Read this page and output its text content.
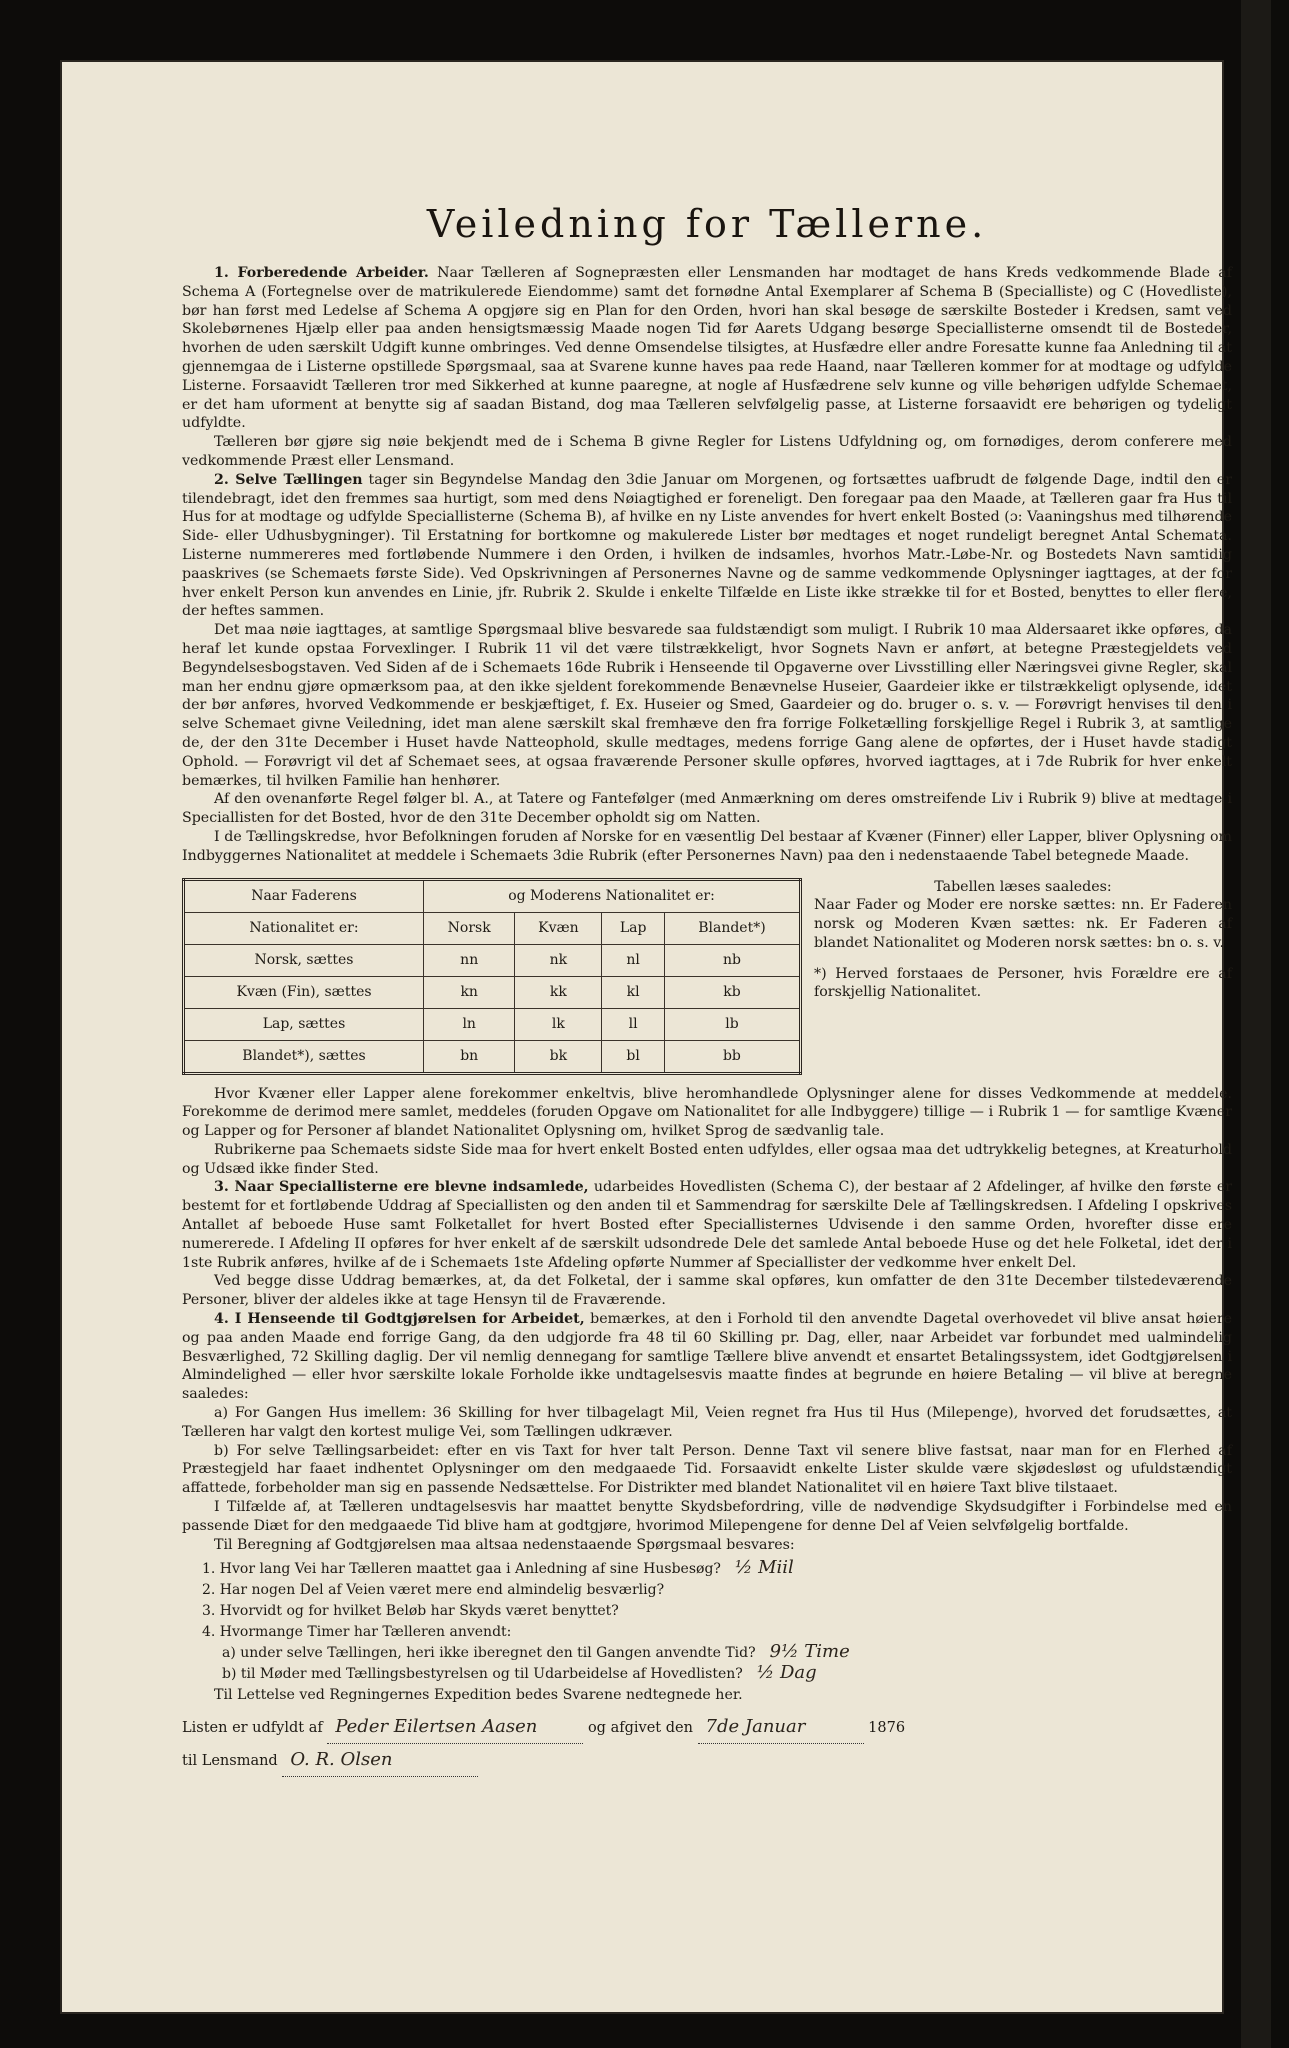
Veiledning for Tællerne.

1. Forberedende Arbeider. Naar Tælleren af Sognepræsten eller Lensmanden har modtaget de hans Kreds vedkommende Blade af Schema A (Fortegnelse over de matrikulerede Eiendomme) samt det fornødne Antal Exemplarer af Schema B (Specialliste) og C (Hovedliste), bør han først med Ledelse af Schema A opgjøre sig en Plan for den Orden, hvori han skal besøge de særskilte Bosteder i Kredsen, samt ved Skolebørnenes Hjælp eller paa anden hensigtsmæssig Maade nogen Tid før Aarets Udgang besørge Speciallisterne omsendt til de Bosteder, hvorhen de uden særskilt Udgift kunne ombringes. Ved denne Omsendelse tilsigtes, at Husfædre eller andre Foresatte kunne faa Anledning til at gjennemgaa de i Listerne opstillede Spørgsmaal, saa at Svarene kunne haves paa rede Haand, naar Tælleren kommer for at modtage og udfylde Listerne. Forsaavidt Tælleren tror med Sikkerhed at kunne paaregne, at nogle af Husfædrene selv kunne og ville behørigen udfylde Schemaet, er det ham uforment at benytte sig af saadan Bistand, dog maa Tælleren selvfølgelig passe, at Listerne forsaavidt ere behørigen og tydeligt udfyldte.

Tælleren bør gjøre sig nøie bekjendt med de i Schema B givne Regler for Listens Udfyldning og, om fornødiges, derom conferere med vedkommende Præst eller Lensmand.

2. Selve Tællingen tager sin Begyndelse Mandag den 3die Januar om Morgenen, og fortsættes uafbrudt de følgende Dage, indtil den er tilendebragt, idet den fremmes saa hurtigt, som med dens Nøiagtighed er foreneligt. Den foregaar paa den Maade, at Tælleren gaar fra Hus til Hus for at modtage og udfylde Speciallisterne (Schema B), af hvilke en ny Liste anvendes for hvert enkelt Bosted (ɔ: Vaaningshus med tilhørende Side- eller Udhusbygninger). Til Erstatning for bortkomne og makulerede Lister bør medtages et noget rundeligt beregnet Antal Schemata. Listerne nummereres med fortløbende Nummere i den Orden, i hvilken de indsamles, hvorhos Matr.-Løbe-Nr. og Bostedets Navn samtidig paaskrives (se Schemaets første Side). Ved Opskrivningen af Personernes Navne og de samme vedkommende Oplysninger iagttages, at der for hver enkelt Person kun anvendes en Linie, jfr. Rubrik 2. Skulde i enkelte Tilfælde en Liste ikke strække til for et Bosted, benyttes to eller flere, der heftes sammen.

Det maa nøie iagttages, at samtlige Spørgsmaal blive besvarede saa fuldstændigt som muligt. I Rubrik 10 maa Aldersaaret ikke opføres, da heraf let kunde opstaa Forvexlinger. I Rubrik 11 vil det være tilstrækkeligt, hvor Sognets Navn er anført, at betegne Præstegjeldets ved Begyndelsesbogstaven. Ved Siden af de i Schemaets 16de Rubrik i Henseende til Opgaverne over Livsstilling eller Næringsvei givne Regler, skal man her endnu gjøre opmærksom paa, at den ikke sjeldent forekommende Benævnelse Huseier, Gaardeier ikke er tilstrækkeligt oplysende, idet der bør anføres, hvorved Vedkommende er beskjæftiget, f. Ex. Huseier og Smed, Gaardeier og do. bruger o. s. v. — Forøvrigt henvises til den i selve Schemaet givne Veiledning, idet man alene særskilt skal fremhæve den fra forrige Folketælling forskjellige Regel i Rubrik 3, at samtlige de, der den 31te December i Huset havde Natteophold, skulle medtages, medens forrige Gang alene de opførtes, der i Huset havde stadigt Ophold. — Forøvrigt vil det af Schemaet sees, at ogsaa fraværende Personer skulle opføres, hvorved iagttages, at i 7de Rubrik for hver enkelt bemærkes, til hvilken Familie han henhører.

Af den ovenanførte Regel følger bl. A., at Tatere og Fantefølger (med Anmærkning om deres omstreifende Liv i Rubrik 9) blive at medtage i Speciallisten for det Bosted, hvor de den 31te December opholdt sig om Natten.

I de Tællingskredse, hvor Befolkningen foruden af Norske for en væsentlig Del bestaar af Kvæner (Finner) eller Lapper, bliver Oplysning om Indbyggernes Nationalitet at meddele i Schemaets 3die Rubrik (efter Personernes Navn) paa den i nedenstaaende Tabel betegnede Maade.

Naar Faderens	og Moderens Nationalitet er:			
Nationalitet er:	Norsk	Kvæn	Lap	Blandet*)
Norsk, sættes	nn	nk	nl	nb
Kvæn (Fin), sættes	kn	kk	kl	kb
Lap, sættes	ln	lk	ll	lb
Blandet*), sættes	bn	bk	bl	bb

Tabellen læses saaledes:

Naar Fader og Moder ere norske sættes: nn. Er Faderen norsk og Moderen Kvæn sættes: nk. Er Faderen af blandet Nationalitet og Moderen norsk sættes: bn o. s. v.

*) Herved forstaaes de Personer, hvis Forældre ere af forskjellig Nationalitet.

Hvor Kvæner eller Lapper alene forekommer enkeltvis, blive heromhandlede Oplysninger alene for disses Vedkommende at meddele. Forekomme de derimod mere samlet, meddeles (foruden Opgave om Nationalitet for alle Indbyggere) tillige — i Rubrik 1 — for samtlige Kvæner og Lapper og for Personer af blandet Nationalitet Oplysning om, hvilket Sprog de sædvanlig tale.

Rubrikerne paa Schemaets sidste Side maa for hvert enkelt Bosted enten udfyldes, eller ogsaa maa det udtrykkelig betegnes, at Kreaturhold og Udsæd ikke finder Sted.

3. Naar Speciallisterne ere blevne indsamlede, udarbeides Hovedlisten (Schema C), der bestaar af 2 Afdelinger, af hvilke den første er bestemt for et fortløbende Uddrag af Speciallisten og den anden til et Sammendrag for særskilte Dele af Tællingskredsen. I Afdeling I opskrives Antallet af beboede Huse samt Folketallet for hvert Bosted efter Speciallisternes Udvisende i den samme Orden, hvorefter disse ere numererede. I Afdeling II opføres for hver enkelt af de særskilt udsondrede Dele det samlede Antal beboede Huse og det hele Folketal, idet der i 1ste Rubrik anføres, hvilke af de i Schemaets 1ste Afdeling opførte Nummer af Speciallister der vedkomme hver enkelt Del.

Ved begge disse Uddrag bemærkes, at, da det Folketal, der i samme skal opføres, kun omfatter de den 31te December tilstedeværende Personer, bliver der aldeles ikke at tage Hensyn til de Fraværende.

4. I Henseende til Godtgjørelsen for Arbeidet, bemærkes, at den i Forhold til den anvendte Dagetal overhovedet vil blive ansat høiere og paa anden Maade end forrige Gang, da den udgjorde fra 48 til 60 Skilling pr. Dag, eller, naar Arbeidet var forbundet med ualmindelig Besværlighed, 72 Skilling daglig. Der vil nemlig dennegang for samtlige Tællere blive anvendt et ensartet Betalingssystem, idet Godtgjørelsen i Almindelighed — eller hvor særskilte lokale Forholde ikke undtagelsesvis maatte findes at begrunde en høiere Betaling — vil blive at beregne saaledes:

a) For Gangen Hus imellem: 36 Skilling for hver tilbagelagt Mil, Veien regnet fra Hus til Hus (Milepenge), hvorved det forudsættes, at Tælleren har valgt den kortest mulige Vei, som Tællingen udkræver.

b) For selve Tællingsarbeidet: efter en vis Taxt for hver talt Person. Denne Taxt vil senere blive fastsat, naar man for en Flerhed af Præstegjeld har faaet indhentet Oplysninger om den medgaaede Tid. Forsaavidt enkelte Lister skulde være skjødesløst og ufuldstændigt affattede, forbeholder man sig en passende Nedsættelse. For Distrikter med blandet Nationalitet vil en høiere Taxt blive tilstaaet.

I Tilfælde af, at Tælleren undtagelsesvis har maattet benytte Skydsbefordring, ville de nødvendige Skydsudgifter i Forbindelse med en passende Diæt for den medgaaede Tid blive ham at godtgjøre, hvorimod Milepengene for denne Del af Veien selvfølgelig bortfalde.

Til Beregning af Godtgjørelsen maa altsaa nedenstaaende Spørgsmaal besvares:

1. Hvor lang Vei har Tælleren maattet gaa i Anledning af sine Husbesøg? ½ Miil
2. Har nogen Del af Veien været mere end almindelig besværlig?
3. Hvorvidt og for hvilket Beløb har Skyds været benyttet?
4. Hvormange Timer har Tælleren anvendt:
a) under selve Tællingen, heri ikke iberegnet den til Gangen anvendte Tid? 9½ Time
b) til Møder med Tællingsbestyrelsen og til Udarbeidelse af Hovedlisten? ½ Dag

Til Lettelse ved Regningernes Expedition bedes Svarene nedtegnede her.

Listen er udfyldt af Peder Eilertsen Aasen	og afgivet den 7de Januar	1876
til Lensmand O. R. Olsen
